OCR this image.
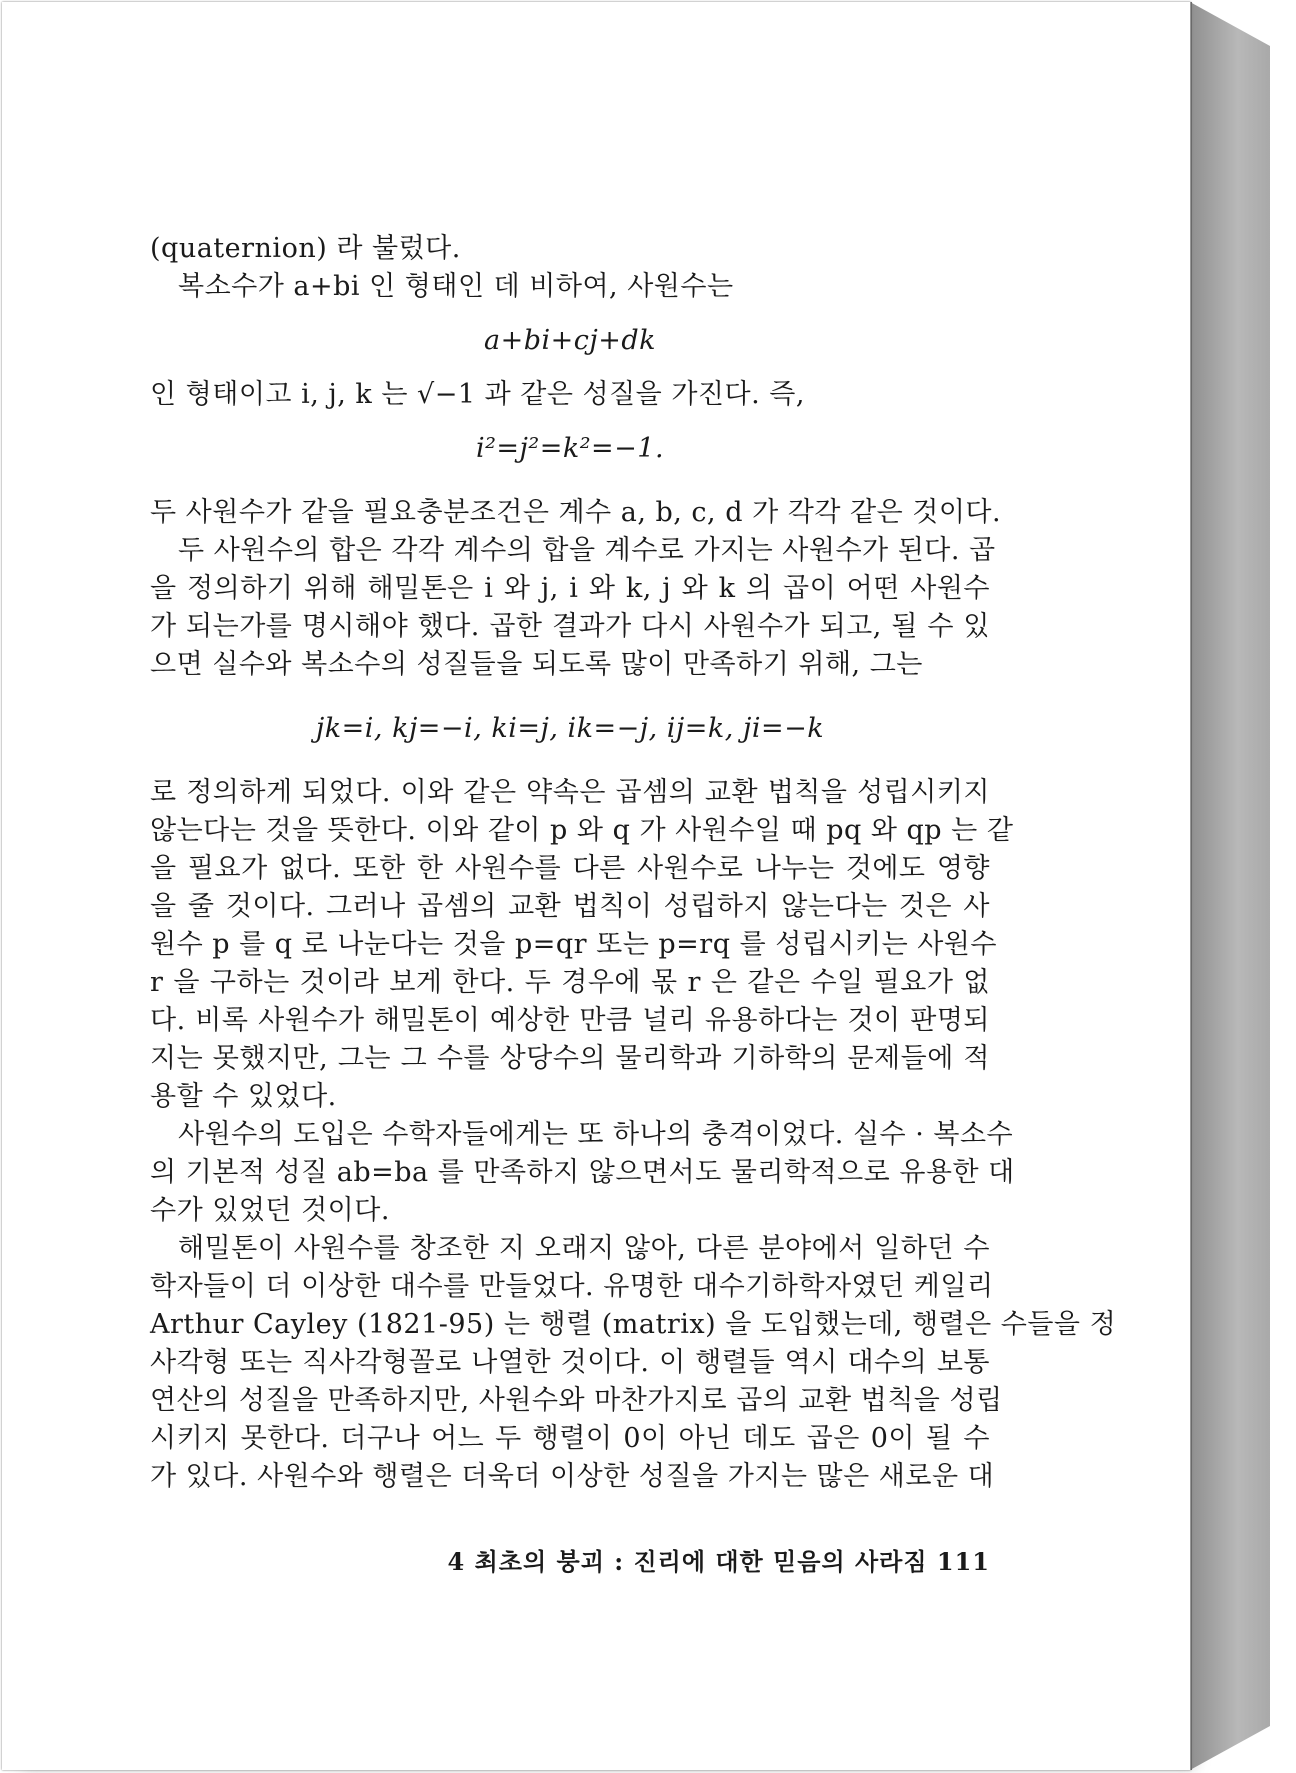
(quaternion) 라 불렀다.
복소수가 a+bi 인 형태인 데 비하여, 사원수는
a+bi+cj+dk
인 형태이고 i, j, k 는 √−1 과 같은 성질을 가진다. 즉,
i²=j²=k²=−1.
두 사원수가 같을 필요충분조건은 계수 a, b, c, d 가 각각 같은 것이다.
두 사원수의 합은 각각 계수의 합을 계수로 가지는 사원수가 된다. 곱
을 정의하기 위해 해밀톤은 i 와 j, i 와 k, j 와 k 의 곱이 어떤 사원수
가 되는가를 명시해야 했다. 곱한 결과가 다시 사원수가 되고, 될 수 있
으면 실수와 복소수의 성질들을 되도록 많이 만족하기 위해, 그는
jk=i, kj=−i, ki=j, ik=−j, ij=k, ji=−k
로 정의하게 되었다. 이와 같은 약속은 곱셈의 교환 법칙을 성립시키지
않는다는 것을 뜻한다. 이와 같이 p 와 q 가 사원수일 때 pq 와 qp 는 같
을 필요가 없다. 또한 한 사원수를 다른 사원수로 나누는 것에도 영향
을 줄 것이다. 그러나 곱셈의 교환 법칙이 성립하지 않는다는 것은 사
원수 p 를 q 로 나눈다는 것을 p=qr 또는 p=rq 를 성립시키는 사원수
r 을 구하는 것이라 보게 한다. 두 경우에 몫 r 은 같은 수일 필요가 없
다. 비록 사원수가 해밀톤이 예상한 만큼 널리 유용하다는 것이 판명되
지는 못했지만, 그는 그 수를 상당수의 물리학과 기하학의 문제들에 적
용할 수 있었다.
사원수의 도입은 수학자들에게는 또 하나의 충격이었다. 실수 · 복소수
의 기본적 성질 ab=ba 를 만족하지 않으면서도 물리학적으로 유용한 대
수가 있었던 것이다.
해밀톤이 사원수를 창조한 지 오래지 않아, 다른 분야에서 일하던 수
학자들이 더 이상한 대수를 만들었다. 유명한 대수기하학자였던 케일리
Arthur Cayley (1821-95) 는 행렬 (matrix) 을 도입했는데, 행렬은 수들을 정
사각형 또는 직사각형꼴로 나열한 것이다. 이 행렬들 역시 대수의 보통
연산의 성질을 만족하지만, 사원수와 마찬가지로 곱의 교환 법칙을 성립
시키지 못한다. 더구나 어느 두 행렬이 0이 아닌 데도 곱은 0이 될 수
가 있다. 사원수와 행렬은 더욱더 이상한 성질을 가지는 많은 새로운 대
4 최초의 붕괴 : 진리에 대한 믿음의 사라짐 111
